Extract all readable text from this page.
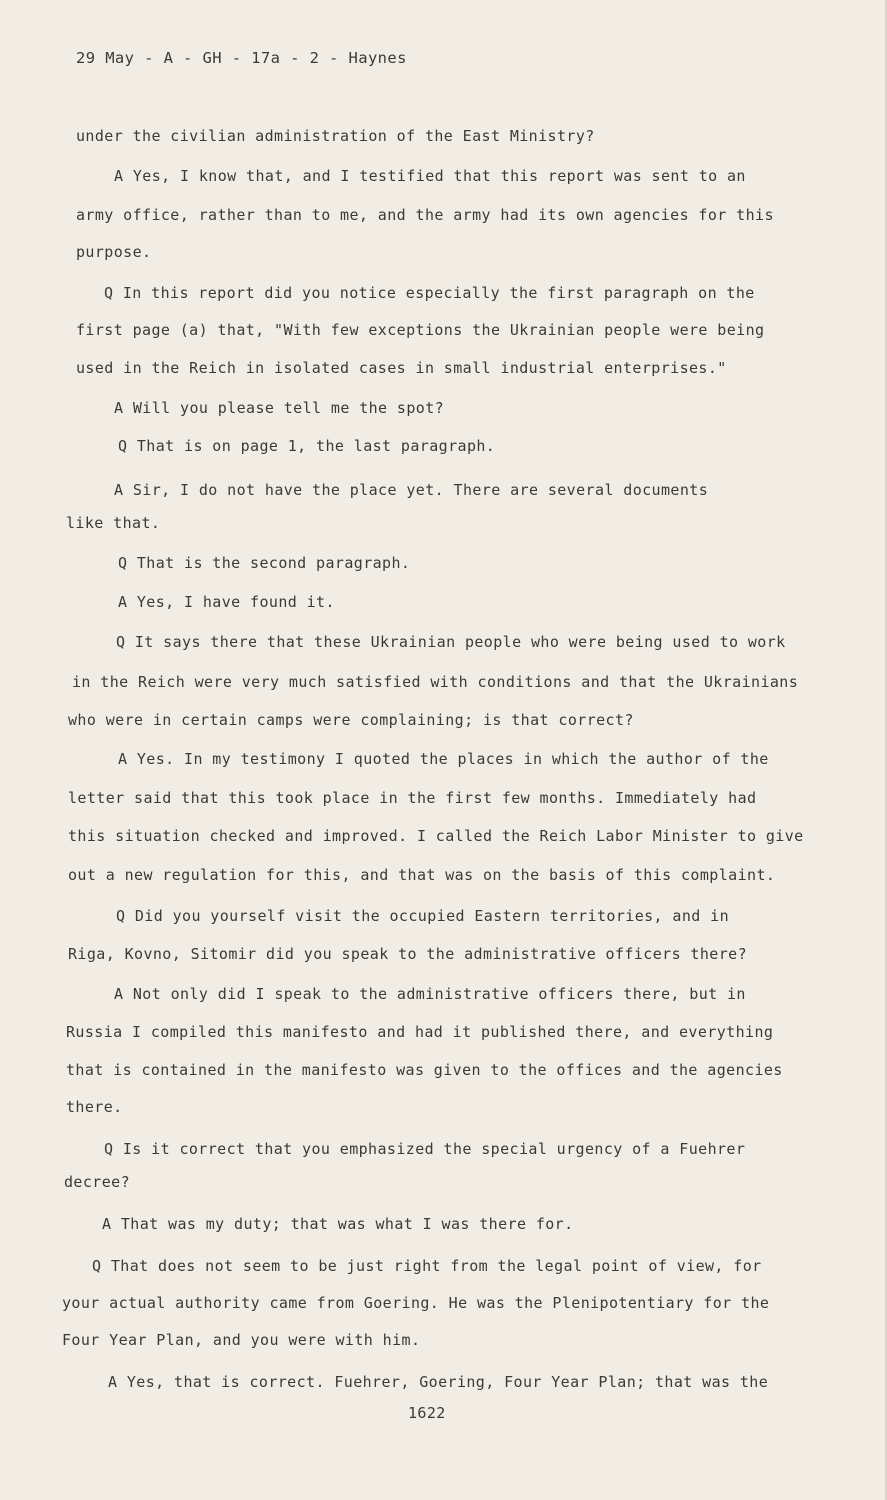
29 May - A - GH - 17a - 2 - Haynes
under the civilian administration of the East Ministry?
A Yes, I know that, and I testified that this report was sent to an
army office, rather than to me, and the army had its own agencies for this
purpose.
Q In this report did you notice especially the first paragraph on the
first page (a) that, "With few exceptions the Ukrainian people were being
used in the Reich in isolated cases in small industrial enterprises."
A Will you please tell me the spot?
Q That is on page 1, the last paragraph.
A Sir, I do not have the place yet. There are several documents
like that.
Q That is the second paragraph.
A Yes, I have found it.
Q It says there that these Ukrainian people who were being used to work
in the Reich were very much satisfied with conditions and that the Ukrainians
who were in certain camps were complaining; is that correct?
A Yes. In my testimony I quoted the places in which the author of the
letter said that this took place in the first few months. Immediately had
this situation checked and improved. I called the Reich Labor Minister to give
out a new regulation for this, and that was on the basis of this complaint.
Q Did you yourself visit the occupied Eastern territories, and in
Riga, Kovno, Sitomir did you speak to the administrative officers there?
A Not only did I speak to the administrative officers there, but in
Russia I compiled this manifesto and had it published there, and everything
that is contained in the manifesto was given to the offices and the agencies
there.
Q Is it correct that you emphasized the special urgency of a Fuehrer
decree?
A That was my duty; that was what I was there for.
Q That does not seem to be just right from the legal point of view, for
your actual authority came from Goering. He was the Plenipotentiary for the
Four Year Plan, and you were with him.
A Yes, that is correct. Fuehrer, Goering, Four Year Plan; that was the
1622
